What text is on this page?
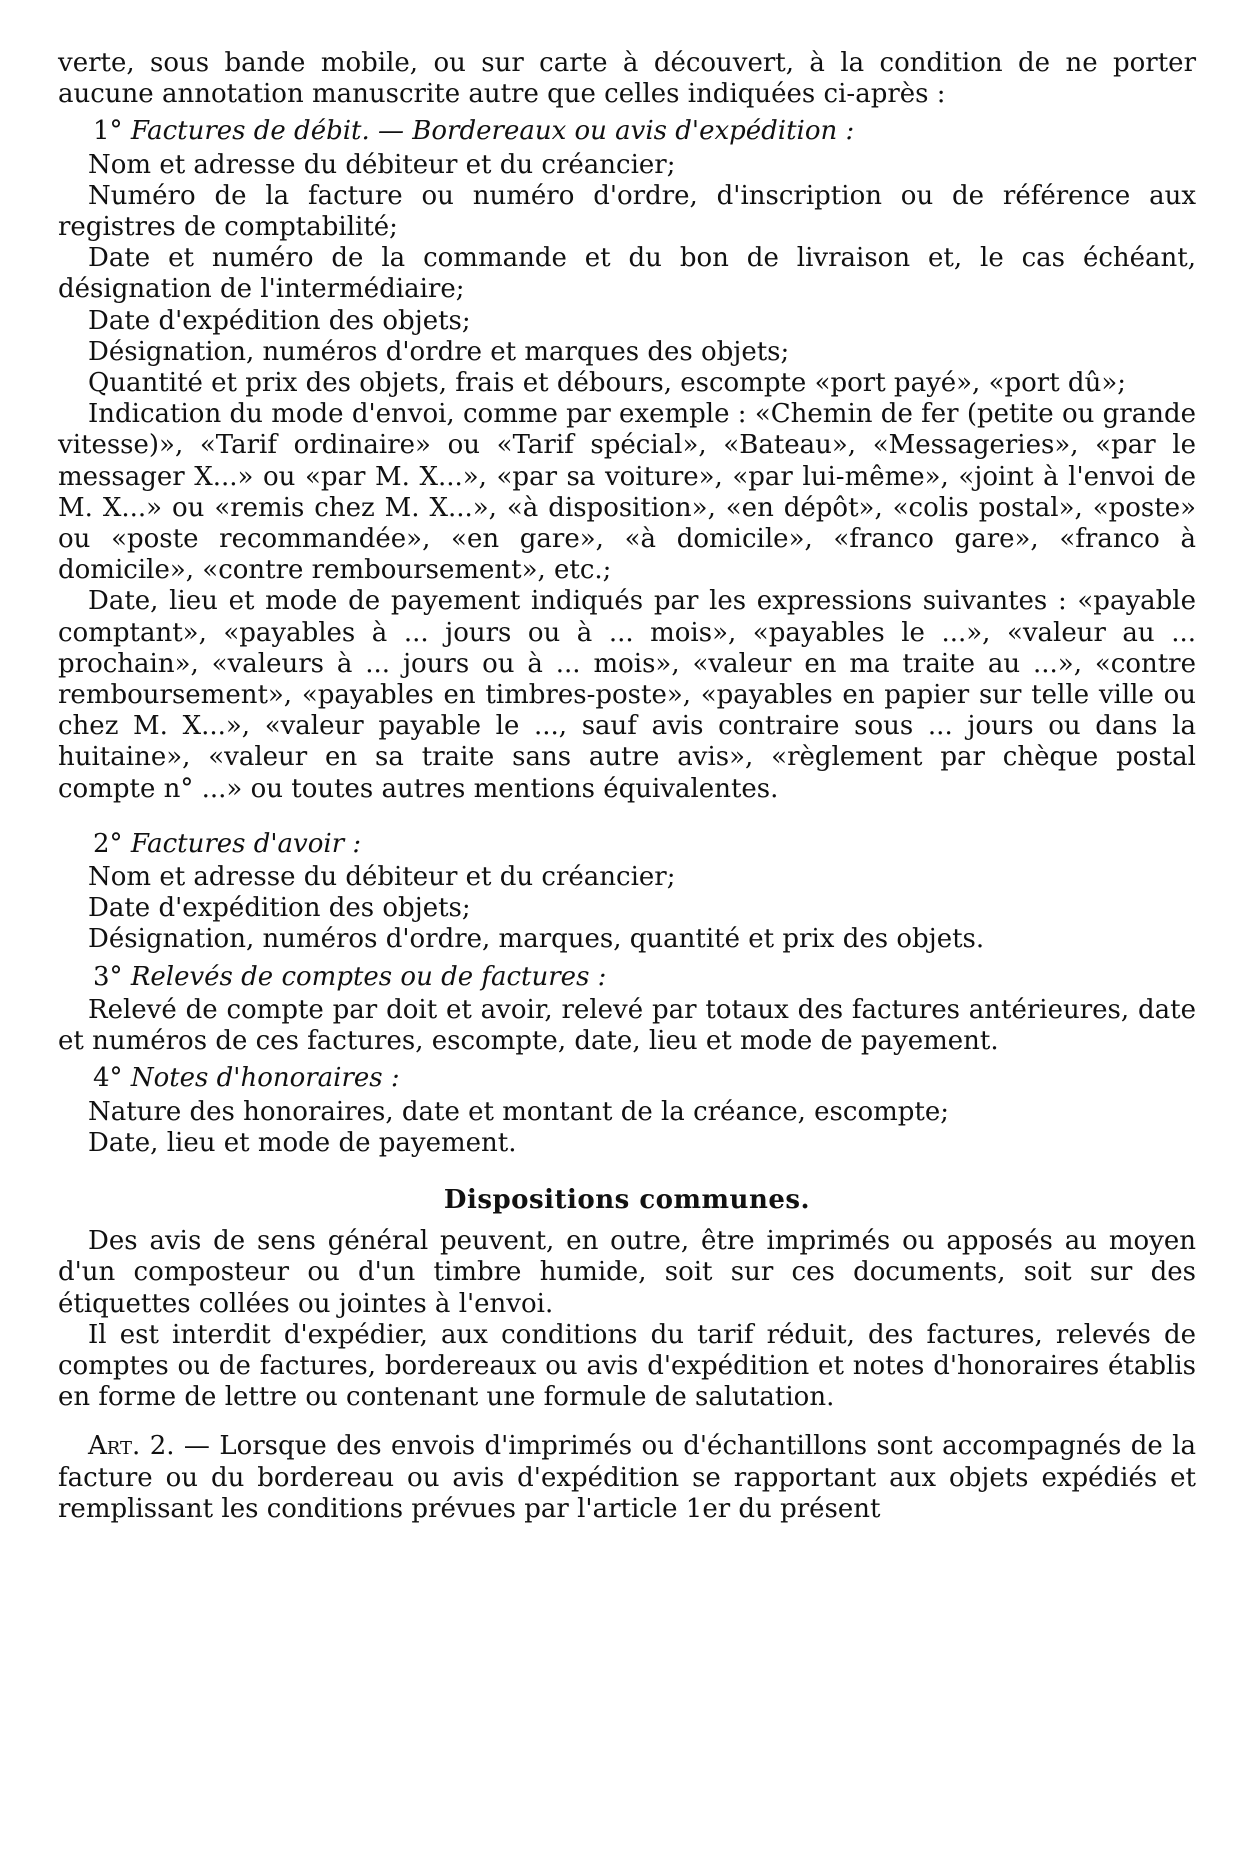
verte, sous bande mobile, ou sur carte à découvert, à la condition de ne porter aucune annotation manuscrite autre que celles indiquées ci-après :

1° Factures de débit. — Bordereaux ou avis d'expédition :

Nom et adresse du débiteur et du créancier;

Numéro de la facture ou numéro d'ordre, d'inscription ou de référence aux registres de comptabilité;

Date et numéro de la commande et du bon de livraison et, le cas échéant, désignation de l'intermédiaire;

Date d'expédition des objets;

Désignation, numéros d'ordre et marques des objets;

Quantité et prix des objets, frais et débours, escompte «port payé», «port dû»;

Indication du mode d'envoi, comme par exemple : «Chemin de fer (petite ou grande vitesse)», «Tarif ordinaire» ou «Tarif spécial», «Bateau», «Messageries», «par le messager X...» ou «par M. X...», «par sa voiture», «par lui-même», «joint à l'envoi de M. X...» ou «remis chez M. X...», «à disposition», «en dépôt», «colis postal», «poste» ou «poste recommandée», «en gare», «à domicile», «franco gare», «franco à domicile», «contre remboursement», etc.;

Date, lieu et mode de payement indiqués par les expressions suivantes : «payable comptant», «payables à ... jours ou à ... mois», «payables le ...», «valeur au ... prochain», «valeurs à ... jours ou à ... mois», «valeur en ma traite au ...», «contre remboursement», «payables en timbres-poste», «payables en papier sur telle ville ou chez M. X...», «valeur payable le ..., sauf avis contraire sous ... jours ou dans la huitaine», «valeur en sa traite sans autre avis», «règlement par chèque postal compte n° ...» ou toutes autres mentions équivalentes.

2° Factures d'avoir :

Nom et adresse du débiteur et du créancier;

Date d'expédition des objets;

Désignation, numéros d'ordre, marques, quantité et prix des objets.

3° Relevés de comptes ou de factures :

Relevé de compte par doit et avoir, relevé par totaux des factures antérieures, date et numéros de ces factures, escompte, date, lieu et mode de payement.

4° Notes d'honoraires :

Nature des honoraires, date et montant de la créance, escompte;

Date, lieu et mode de payement.

Dispositions communes.

Des avis de sens général peuvent, en outre, être imprimés ou apposés au moyen d'un composteur ou d'un timbre humide, soit sur ces documents, soit sur des étiquettes collées ou jointes à l'envoi.

Il est interdit d'expédier, aux conditions du tarif réduit, des factures, relevés de comptes ou de factures, bordereaux ou avis d'expédition et notes d'honoraires établis en forme de lettre ou contenant une formule de salutation.

Art. 2. — Lorsque des envois d'imprimés ou d'échantillons sont accompagnés de la facture ou du bordereau ou avis d'expédition se rapportant aux objets expédiés et remplissant les conditions prévues par l'article 1er du présent
